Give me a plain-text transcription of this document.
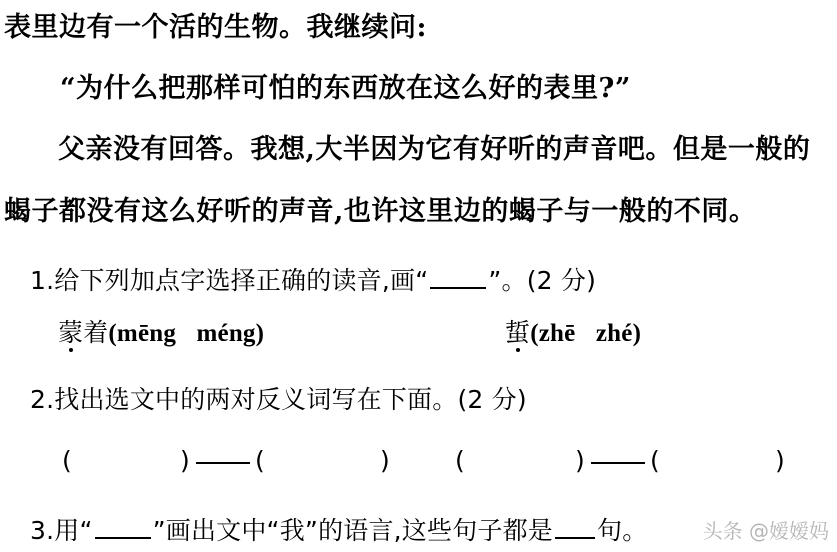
表里边有一个活的生物。我继续问:
“为什么把那样可怕的东西放在这么好的表里?”
父亲没有回答。我想,大半因为它有好听的声音吧。但是一般的
蝎子都没有这么好听的声音,也许这里边的蝎子与一般的不同。
1.给下列加点字选择正确的读音,画“ ”。(2 分)
蒙着(mēng méng)	蜇(zhē zhé)
2.找出选文中的两对反义词写在下面。(2 分)
(	)	(	)	(	)	(	)
3.用“ ”画出文中“我”的语言,这些句子都是 句。	头条 @嫒嫒妈
